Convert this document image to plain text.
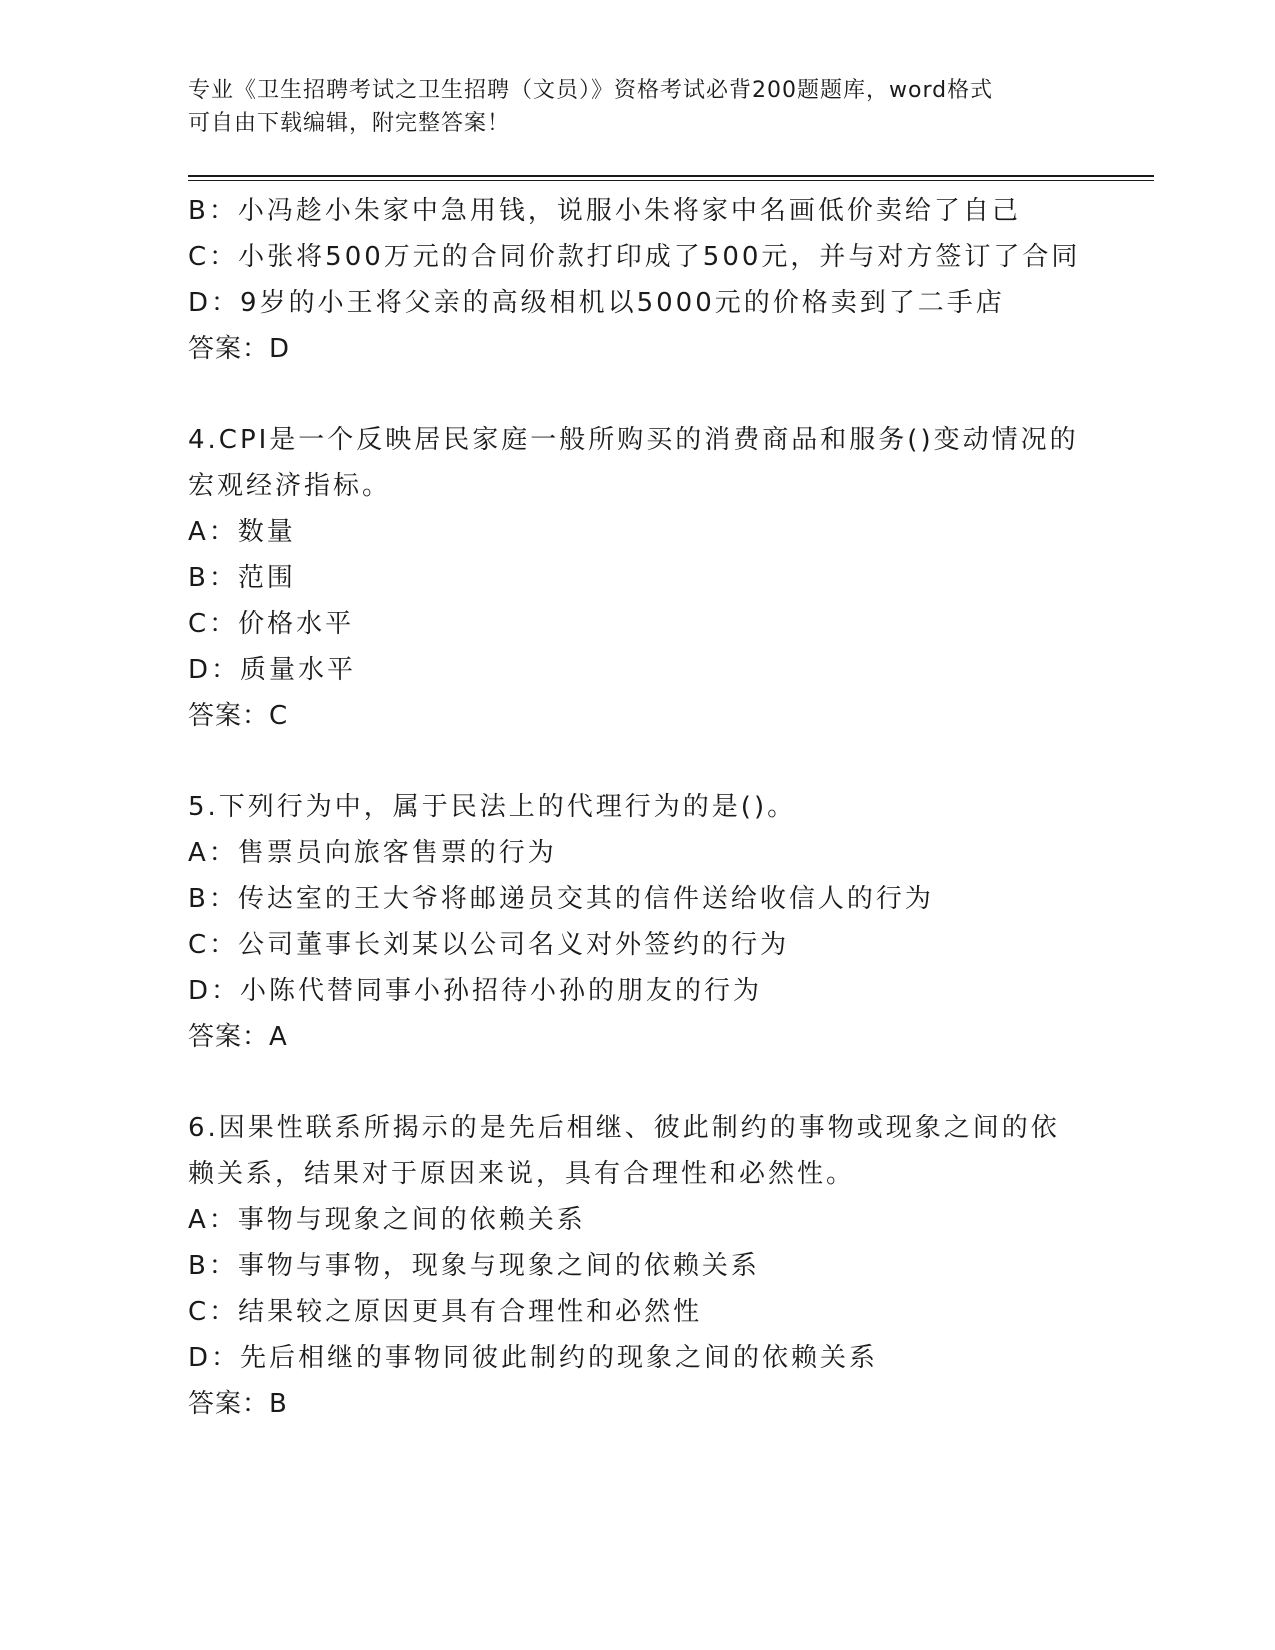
专业《卫生招聘考试之卫生招聘（文员）》资格考试必背200题题库，word格式
可自由下载编辑，附完整答案！
B：小冯趁小朱家中急用钱，说服小朱将家中名画低价卖给了自己
C：小张将500万元的合同价款打印成了500元，并与对方签订了合同
D：9岁的小王将父亲的高级相机以5000元的价格卖到了二手店
答案：D
4.CPI是一个反映居民家庭一般所购买的消费商品和服务()变动情况的
宏观经济指标。
A：数量
B：范围
C：价格水平
D：质量水平
答案：C
5.下列行为中，属于民法上的代理行为的是()。
A：售票员向旅客售票的行为
B：传达室的王大爷将邮递员交其的信件送给收信人的行为
C：公司董事长刘某以公司名义对外签约的行为
D：小陈代替同事小孙招待小孙的朋友的行为
答案：A
6.因果性联系所揭示的是先后相继、彼此制约的事物或现象之间的依
赖关系，结果对于原因来说，具有合理性和必然性。
A：事物与现象之间的依赖关系
B：事物与事物，现象与现象之间的依赖关系
C：结果较之原因更具有合理性和必然性
D：先后相继的事物同彼此制约的现象之间的依赖关系
答案：B
